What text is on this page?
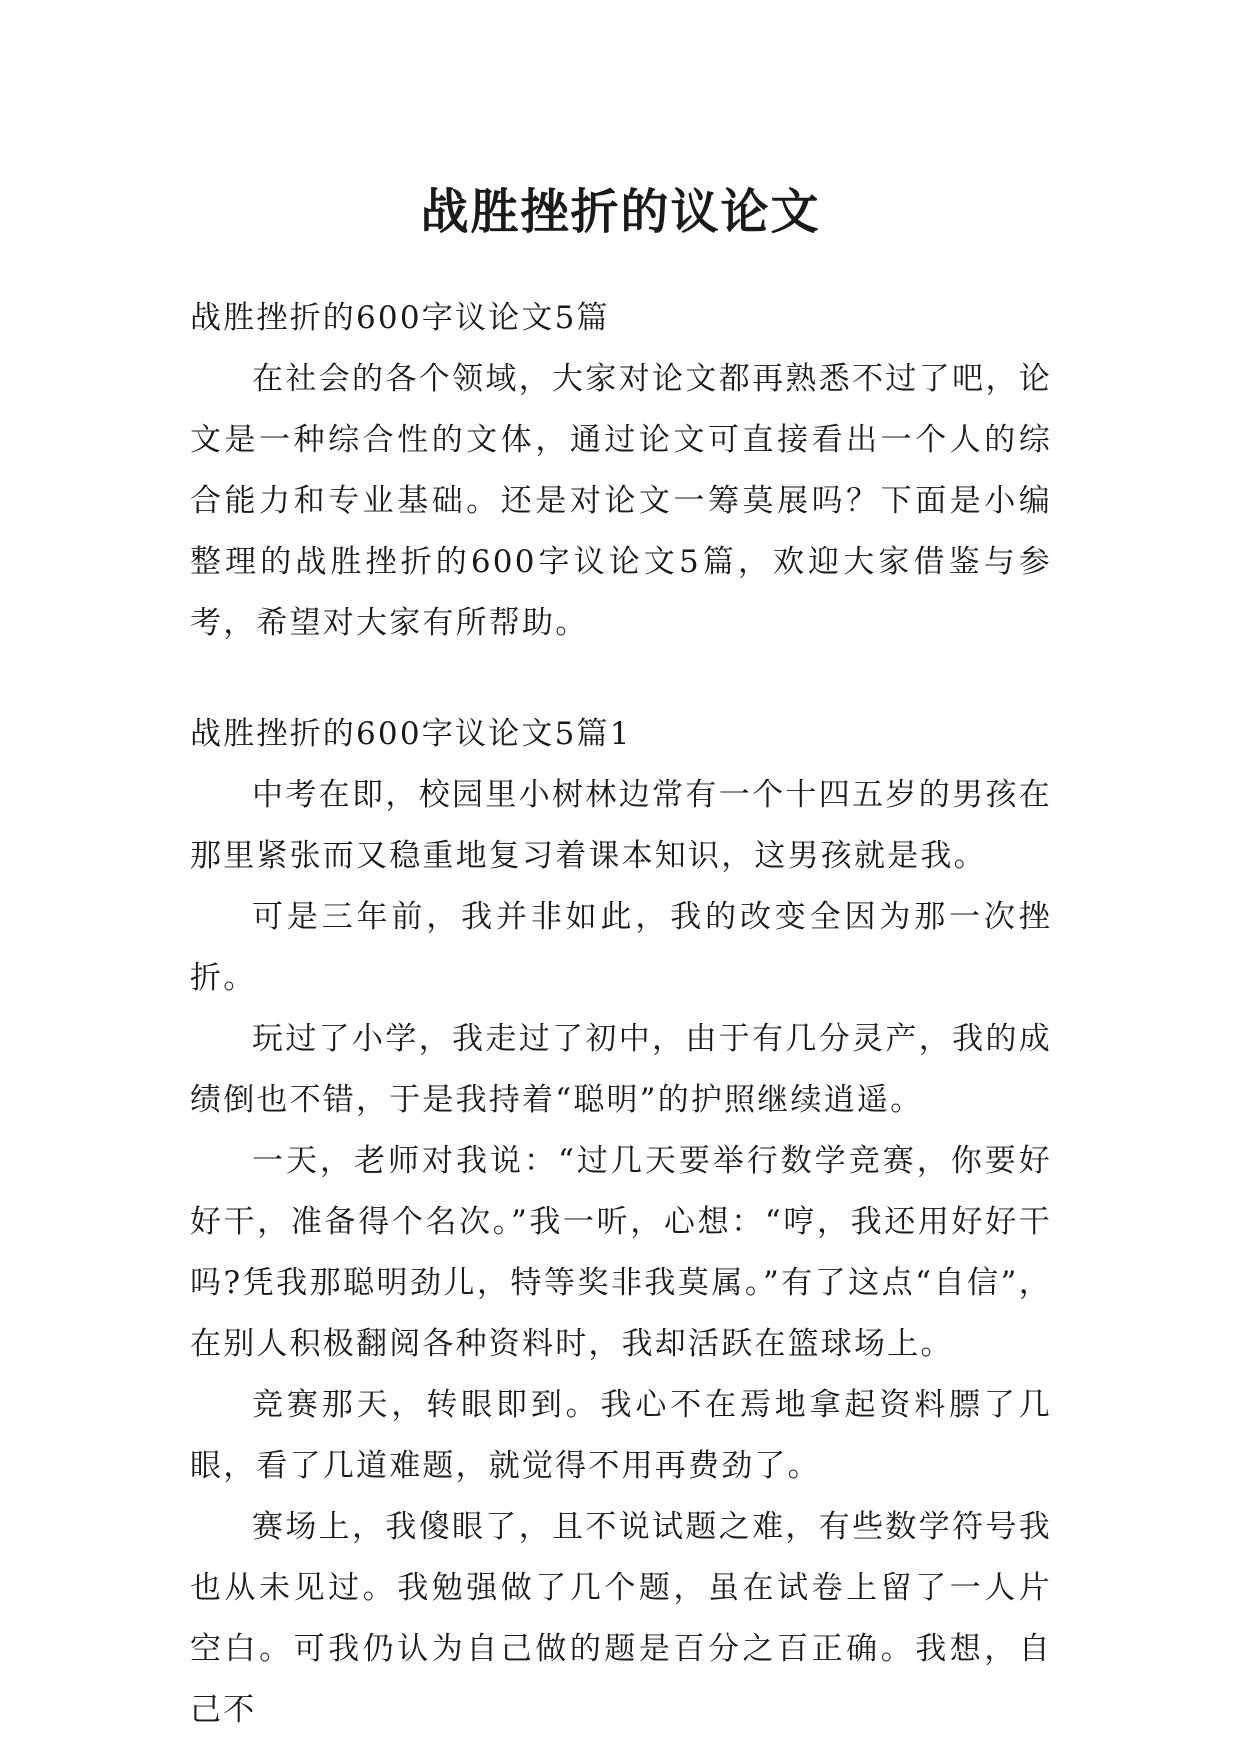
战胜挫折的议论文

战胜挫折的600字议论文5篇

在社会的各个领域，大家对论文都再熟悉不过了吧，论文是一种综合性的文体，通过论文可直接看出一个人的综合能力和专业基础。还是对论文一筹莫展吗？下面是小编整理的战胜挫折的600字议论文5篇，欢迎大家借鉴与参考，希望对大家有所帮助。

战胜挫折的600字议论文5篇1

中考在即，校园里小树林边常有一个十四五岁的男孩在那里紧张而又稳重地复习着课本知识，这男孩就是我。

可是三年前，我并非如此，我的改变全因为那一次挫折。

玩过了小学，我走过了初中，由于有几分灵产，我的成绩倒也不错，于是我持着“聪明”的护照继续逍遥。

一天，老师对我说：“过几天要举行数学竞赛，你要好好干，准备得个名次。”我一听，心想：“哼，我还用好好干吗?凭我那聪明劲儿，特等奖非我莫属。”有了这点“自信”，在别人积极翻阅各种资料时，我却活跃在篮球场上。

竞赛那天，转眼即到。我心不在焉地拿起资料膘了几眼，看了几道难题，就觉得不用再费劲了。

赛场上，我傻眼了，且不说试题之难，有些数学符号我也从未见过。我勉强做了几个题，虽在试卷上留了一人片空白。可我仍认为自己做的题是百分之百正确。我想，自己不
